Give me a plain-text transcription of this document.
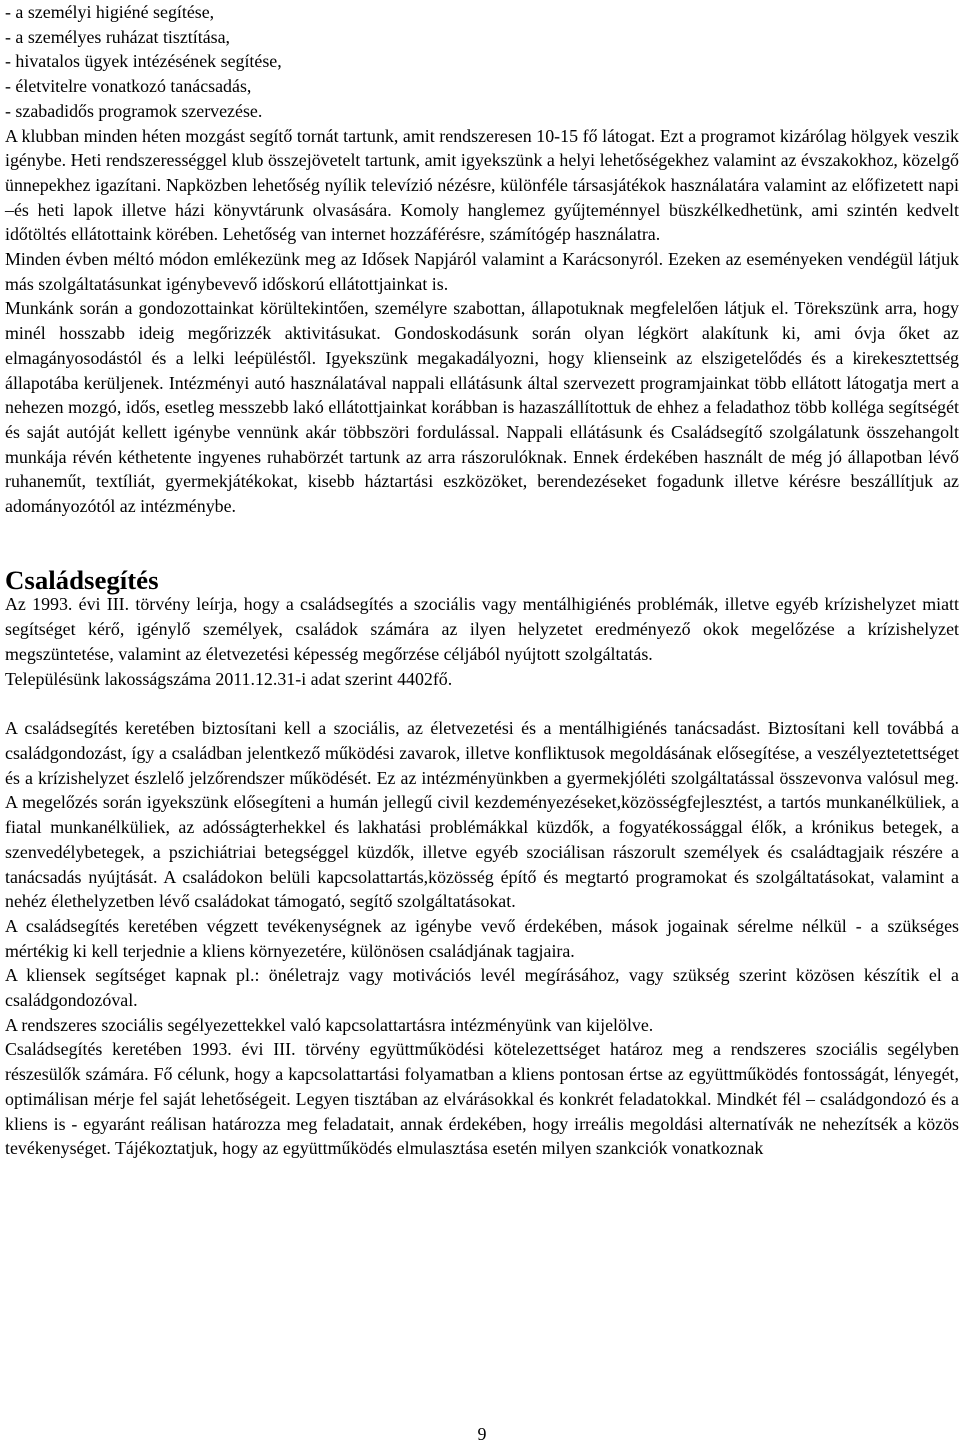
- a személyi higiéné segítése,
- a személyes ruházat tisztítása,
- hivatalos ügyek intézésének segítése,
- életvitelre vonatkozó tanácsadás,
- szabadidős programok szervezése.

A klubban minden héten mozgást segítő tornát tartunk, amit rendszeresen 10-15 fő látogat. Ezt a programot kizárólag hölgyek veszik igénybe. Heti rendszerességgel klub összejövetelt tartunk, amit igyekszünk a helyi lehetőségekhez valamint az évszakokhoz, közelgő ünnepekhez igazítani. Napközben lehetőség nyílik televízió nézésre, különféle társasjátékok használatára valamint az előfizetett napi –és heti lapok illetve házi könyvtárunk olvasására. Komoly hanglemez gyűjteménnyel büszkélkedhetünk, ami szintén kedvelt időtöltés ellátottaink körében. Lehetőség van internet hozzáférésre, számítógép használatra.

Minden évben méltó módon emlékezünk meg az Idősek Napjáról valamint a Karácsonyról. Ezeken az eseményeken vendégül látjuk más szolgáltatásunkat igénybevevő időskorú ellátottjainkat is.

Munkánk során a gondozottainkat körültekintően, személyre szabottan, állapotuknak megfelelően látjuk el. Törekszünk arra, hogy minél hosszabb ideig megőrizzék aktivitásukat. Gondoskodásunk során olyan légkört alakítunk ki, ami óvja őket az elmagányosodástól és a lelki leépüléstől. Igyekszünk megakadályozni, hogy klienseink az elszigetelődés és a kirekesztettség állapotába kerüljenek. Intézményi autó használatával nappali ellátásunk által szervezett programjainkat több ellátott látogatja mert a nehezen mozgó, idős, esetleg messzebb lakó ellátottjainkat korábban is hazaszállítottuk de ehhez a feladathoz több kolléga segítségét és saját autóját kellett igénybe vennünk akár többszöri fordulással. Nappali ellátásunk és Családsegítő szolgálatunk összehangolt munkája révén kéthetente ingyenes ruhabörzét tartunk az arra rászorulóknak. Ennek érdekében használt de még jó állapotban lévő ruhaneműt, textíliát, gyermekjátékokat, kisebb háztartási eszközöket, berendezéseket fogadunk illetve kérésre beszállítjuk az adományozótól az intézménybe.

Családsegítés

Az 1993. évi III. törvény leírja, hogy a családsegítés a szociális vagy mentálhigiénés problémák, illetve egyéb krízishelyzet miatt segítséget kérő, igénylő személyek, családok számára az ilyen helyzetet eredményező okok megelőzése a krízishelyzet megszüntetése, valamint az életvezetési képesség megőrzése céljából nyújtott szolgáltatás.

Településünk lakosságszáma 2011.12.31-i adat szerint 4402fő.

A családsegítés keretében biztosítani kell a szociális, az életvezetési és a mentálhigiénés tanácsadást. Biztosítani kell továbbá a családgondozást, így a családban jelentkező működési zavarok, illetve konfliktusok megoldásának elősegítése, a veszélyeztetettséget és a krízishelyzet észlelő jelzőrendszer működését. Ez az intézményünkben a gyermekjóléti szolgáltatással összevonva valósul meg. A megelőzés során igyekszünk elősegíteni a humán jellegű civil kezdeményezéseket,közösségfejlesztést, a tartós munkanélküliek, a fiatal munkanélküliek, az adósságterhekkel és lakhatási problémákkal küzdők, a fogyatékossággal élők, a krónikus betegek, a szenvedélybetegek, a pszichiátriai betegséggel küzdők, illetve egyéb szociálisan rászorult személyek és családtagjaik részére a tanácsadás nyújtását. A családokon belüli kapcsolattartás,közösség építő és megtartó programokat és szolgáltatásokat, valamint a nehéz élethelyzetben lévő családokat támogató, segítő szolgáltatásokat.

A családsegítés keretében végzett tevékenységnek az igénybe vevő érdekében, mások jogainak sérelme nélkül - a szükséges mértékig ki kell terjednie a kliens környezetére, különösen családjának tagjaira.

A kliensek segítséget kapnak pl.: önéletrajz vagy motivációs levél megírásához, vagy szükség szerint közösen készítik el a családgondozóval.

A rendszeres szociális segélyezettekkel való kapcsolattartásra intézményünk van kijelölve.

Családsegítés keretében 1993. évi III. törvény együttműködési kötelezettséget határoz meg a rendszeres szociális segélyben részesülők számára. Fő célunk, hogy a kapcsolattartási folyamatban a kliens pontosan értse az együttműködés fontosságát, lényegét, optimálisan mérje fel saját lehetőségeit. Legyen tisztában az elvárásokkal és konkrét feladatokkal. Mindkét fél – családgondozó és a kliens is - egyaránt reálisan határozza meg feladatait, annak érdekében, hogy irreális megoldási alternatívák ne nehezítsék a közös tevékenységet. Tájékoztatjuk, hogy az együttműködés elmulasztása esetén milyen szankciók vonatkoznak

9
